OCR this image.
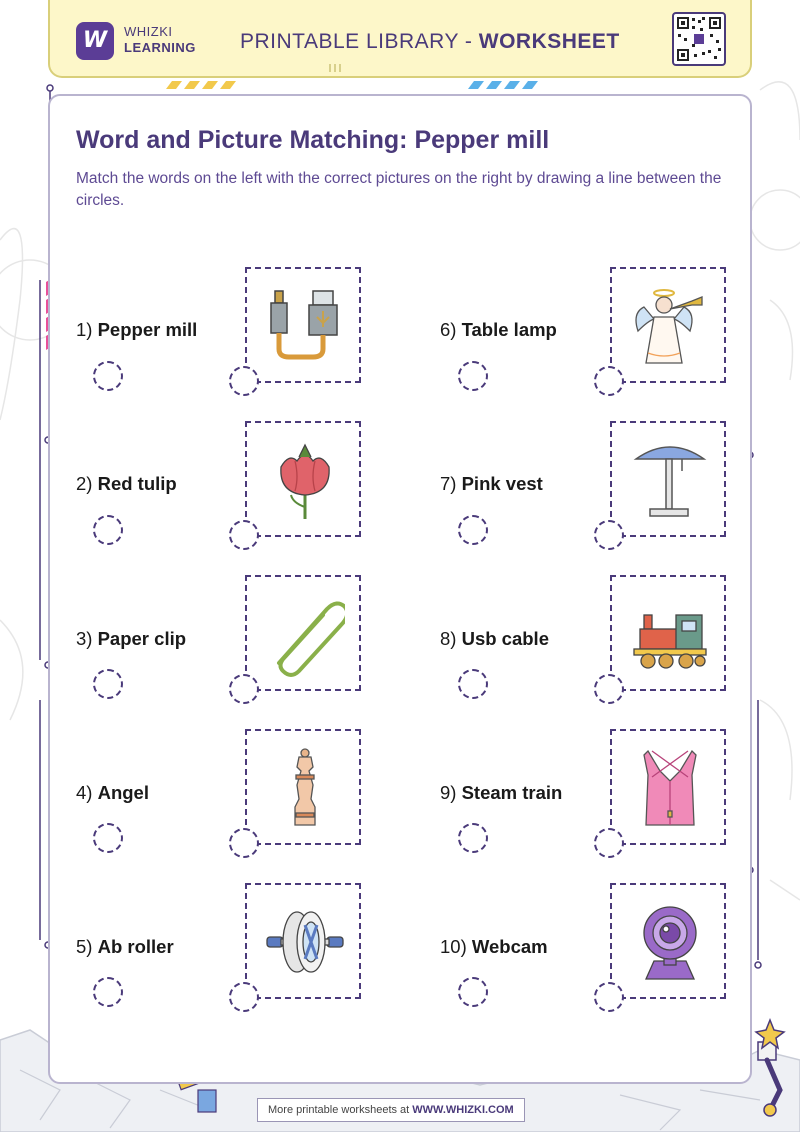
W	WHIZKI
LEARNING PRINTABLE LIBRARY - WORKSHEET
Word and Picture Matching: Pepper mill
Match the words on the left with the correct pictures on the right by drawing a line between the circles.
1) Pepper mill	6) Table lamp
2) Red tulip	7) Pink vest
3) Paper clip	8) Usb cable
4) Angel	9) Steam train
5) Ab roller	10) Webcam
More printable worksheets at WWW.WHIZKI.COM
